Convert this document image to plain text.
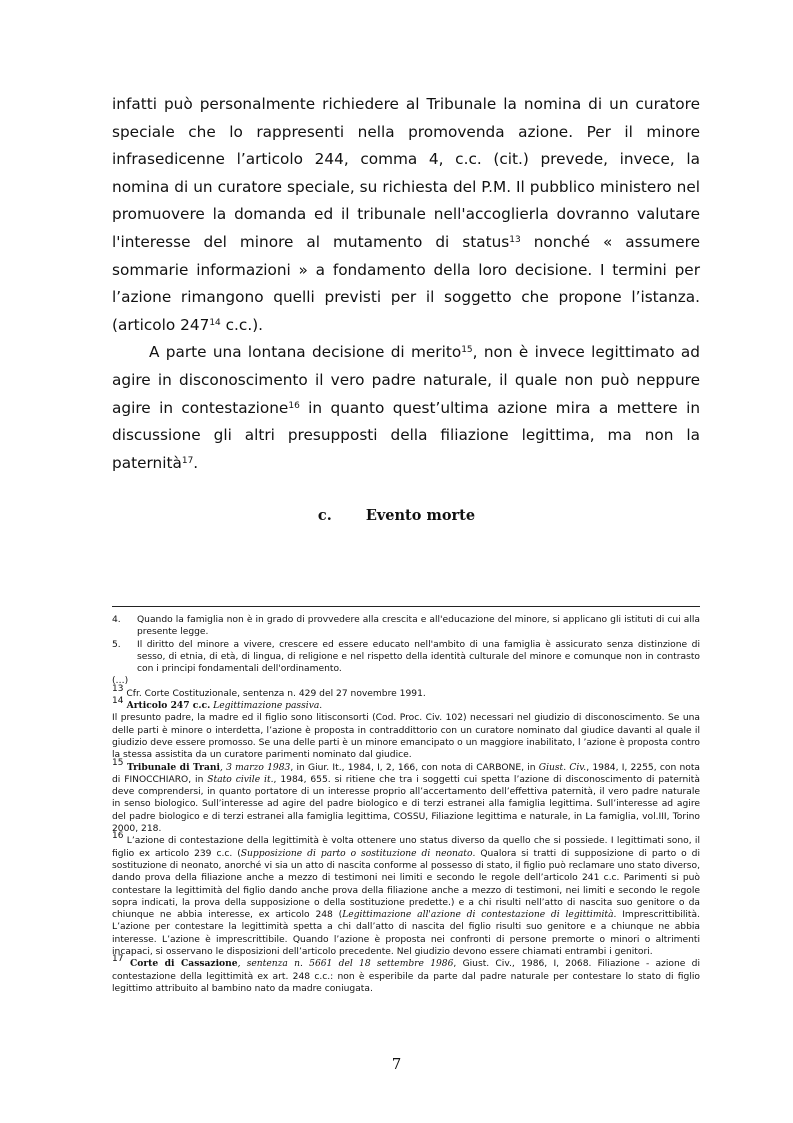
infatti può personalmente richiedere al Tribunale la nomina di un curatore speciale che lo rappresenti nella promovenda azione. Per il minore infrasedicenne l’articolo 244, comma 4, c.c. (cit.) prevede, invece, la nomina di un curatore speciale, su richiesta del P.M. Il pubblico ministero nel promuovere la domanda ed il tribunale nell'accoglierla dovranno valutare l'interesse del minore al mutamento di status$^{13}$ nonché « assumere sommarie informazioni » a fondamento della loro decisione. I termini per l’azione rimangono quelli previsti per il soggetto che propone l’istanza. (articolo $247^{14}$ c.c.).

A parte una lontana decisione di merito$^{15}$, non è invece legittimato ad agire in disconoscimento il vero padre naturale, il quale non può neppure agire in contestazione$^{16}$ in quanto quest’ultima azione mira a mettere in discussione gli altri presupposti della filiazione legittima, ma non la paternità$^{17}$.

c. Evento morte
4.	Quando la famiglia non è in grado di provvedere alla crescita e all'educazione del minore, si applicano gli istituti di cui alla presente legge.
5.	Il diritto del minore a vivere, crescere ed essere educato nell'ambito di una famiglia è assicurato senza distinzione di sesso, di etnia, di età, di lingua, di religione e nel rispetto della identità culturale del minore e comunque non in contrasto con i principi fondamentali dell'ordinamento.

(…)

$^{13}$ Cfr. Corte Costituzionale, sentenza n. 429 del 27 novembre 1991.

$^{14}$ Articolo 247 c.c. Legittimazione passiva.

Il presunto padre, la madre ed il figlio sono litisconsorti (Cod. Proc. Civ. 102) necessari nel giudizio di disconoscimento. Se una delle parti è minore o interdetta, l’azione è proposta in contraddittorio con un curatore nominato dal giudice davanti al quale il giudizio deve essere promosso. Se una delle parti è un minore emancipato o un maggiore inabilitato, l ’azione è proposta contro la stessa assistita da un curatore parimenti nominato dal giudice.

$^{15}$ Tribunale di Trani, 3 marzo 1983, in Giur. It., 1984, I, 2, 166, con nota di CARBONE, in Giust. Civ., 1984, I, 2255, con nota di FINOCCHIARO, in Stato civile it., 1984, 655. si ritiene che tra i soggetti cui spetta l’azione di disconoscimento di paternità deve comprendersi, in quanto portatore di un interesse proprio all’accertamento dell’effettiva paternità, il vero padre naturale in senso biologico. Sull’interesse ad agire del padre biologico e di terzi estranei alla famiglia legittima. Sull’interesse ad agire del padre biologico e di terzi estranei alla famiglia legittima, COSSU, Filiazione legittima e naturale, in La famiglia, vol.III, Torino 2000, 218.

$^{16}$ L’azione di contestazione della legittimità è volta ottenere uno status diverso da quello che si possiede. I legittimati sono, il figlio ex articolo 239 c.c. (Supposizione di parto o sostituzione di neonato. Qualora si tratti di supposizione di parto o di sostituzione di neonato, anorché vi sia un atto di nascita conforme al possesso di stato, il figlio può reclamare uno stato diverso, dando prova della filiazione anche a mezzo di testimoni nei limiti e secondo le regole dell’articolo 241 c.c. Parimenti si può contestare la legittimità del figlio dando anche prova della filiazione anche a mezzo di testimoni, nei limiti e secondo le regole sopra indicati, la prova della supposizione o della sostituzione predette.) e a chi risulti nell’atto di nascita suo genitore o da chiunque ne abbia interesse, ex articolo 248 (Legittimazione all'azione di contestazione di legittimità. Imprescrittibilità. L’azione per contestare la legittimità spetta a chi dall’atto di nascita del figlio risulti suo genitore e a chiunque ne abbia interesse. L’azione è imprescrittibile. Quando l’azione è proposta nei confronti di persone premorte o minori o altrimenti incapaci, si osservano le disposizioni dell’articolo precedente. Nel giudizio devono essere chiamati entrambi i genitori.

$^{17}$ Corte di Cassazione, sentenza n. 5661 del 18 settembre 1986, Giust. Civ., 1986, I, 2068. Filiazione - azione di contestazione della legittimità ex art. 248 c.c.: non è esperibile da parte dal padre naturale per contestare lo stato di figlio legittimo attribuito al bambino nato da madre coniugata.

7
